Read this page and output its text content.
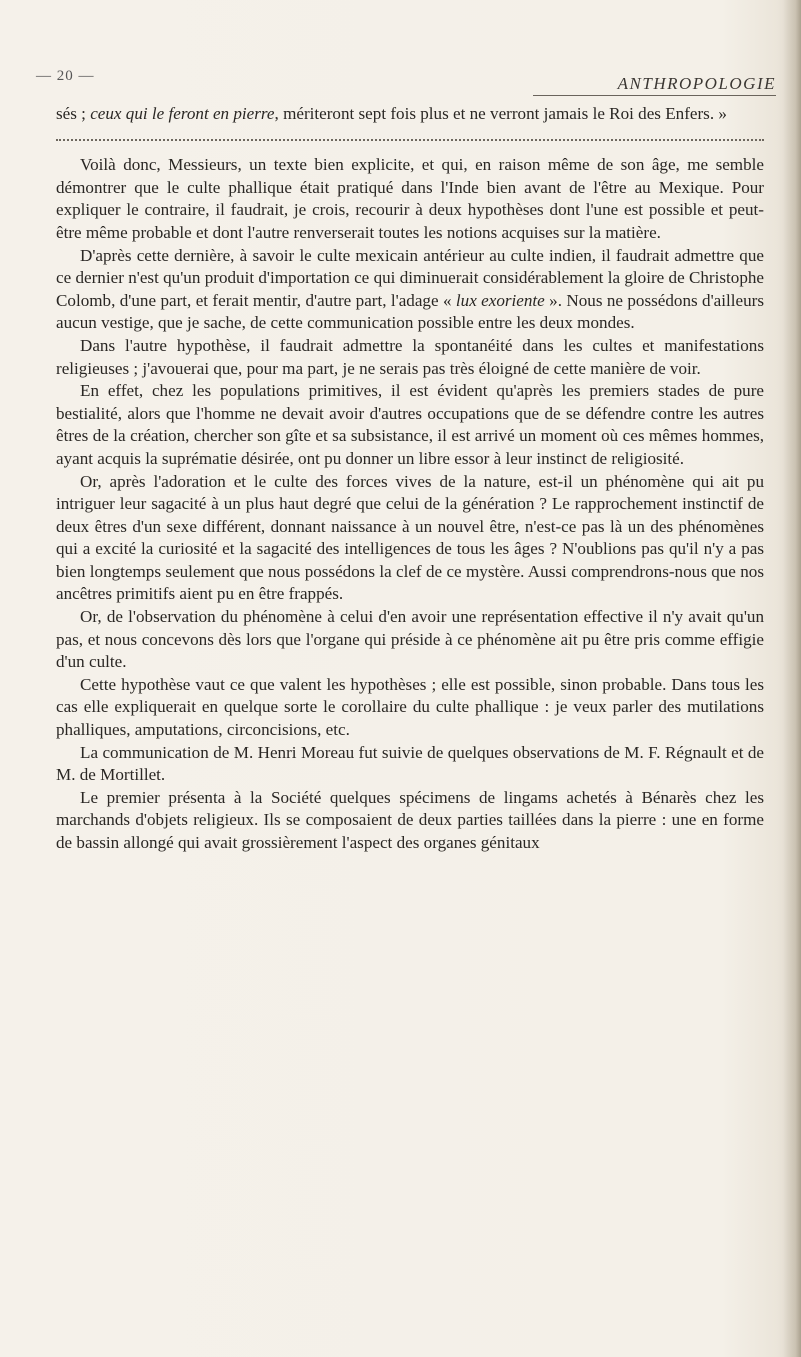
— 20 —	ANTHROPOLOGIE

sés ; ceux qui le feront en pierre, mériteront sept fois plus et ne verront jamais le Roi des Enfers. »

Voilà donc, Messieurs, un texte bien explicite, et qui, en raison même de son âge, me semble démontrer que le culte phallique était pratiqué dans l'Inde bien avant de l'être au Mexique. Pour expliquer le contraire, il faudrait, je crois, recourir à deux hypothèses dont l'une est possible et peut-être même probable et dont l'autre renverserait toutes les notions acquises sur la matière.

D'après cette dernière, à savoir le culte mexicain antérieur au culte indien, il faudrait admettre que ce dernier n'est qu'un produit d'importation ce qui diminuerait considérablement la gloire de Christophe Colomb, d'une part, et ferait mentir, d'autre part, l'adage « lux exoriente ». Nous ne possédons d'ailleurs aucun vestige, que je sache, de cette communication possible entre les deux mondes.

Dans l'autre hypothèse, il faudrait admettre la spontanéité dans les cultes et manifestations religieuses ; j'avouerai que, pour ma part, je ne serais pas très éloigné de cette manière de voir.

En effet, chez les populations primitives, il est évident qu'après les premiers stades de pure bestialité, alors que l'homme ne devait avoir d'autres occupations que de se défendre contre les autres êtres de la création, chercher son gîte et sa subsistance, il est arrivé un moment où ces mêmes hommes, ayant acquis la suprématie désirée, ont pu donner un libre essor à leur instinct de religiosité.

Or, après l'adoration et le culte des forces vives de la nature, est-il un phénomène qui ait pu intriguer leur sagacité à un plus haut degré que celui de la génération ? Le rapprochement instinctif de deux êtres d'un sexe différent, donnant naissance à un nouvel être, n'est-ce pas là un des phénomènes qui a excité la curiosité et la sagacité des intelligences de tous les âges ? N'oublions pas qu'il n'y a pas bien longtemps seulement que nous possédons la clef de ce mystère. Aussi comprendrons-nous que nos ancêtres primitifs aient pu en être frappés.

Or, de l'observation du phénomène à celui d'en avoir une représentation effective il n'y avait qu'un pas, et nous concevons dès lors que l'organe qui préside à ce phénomène ait pu être pris comme effigie d'un culte.

Cette hypothèse vaut ce que valent les hypothèses ; elle est possible, sinon probable. Dans tous les cas elle expliquerait en quelque sorte le corollaire du culte phallique : je veux parler des mutilations phalliques, amputations, circoncisions, etc.

La communication de M. Henri Moreau fut suivie de quelques observations de M. F. Régnault et de M. de Mortillet.

Le premier présenta à la Société quelques spécimens de lingams achetés à Bénarès chez les marchands d'objets religieux. Ils se composaient de deux parties taillées dans la pierre : une en forme de bassin allongé qui avait grossièrement l'aspect des organes génitaux
